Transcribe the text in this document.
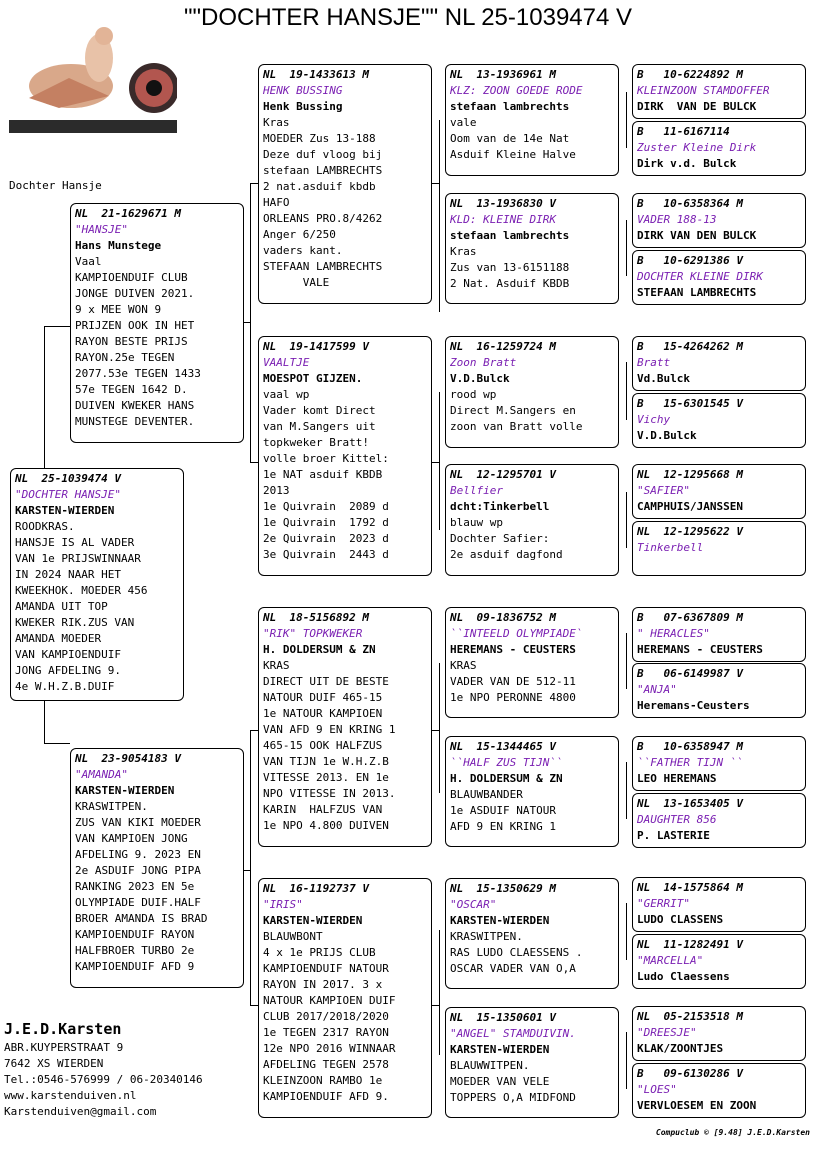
""DOCHTER HANSJE"" NL 25-1039474 V
Dochter Hansje
NL  25-1039474 V
"DOCHTER HANSJE"
KARSTEN-WIERDEN
ROODKRAS.
HANSJE IS AL VADER
VAN 1e PRIJSWINNAAR
IN 2024 NAAR HET
KWEEKHOK. MOEDER 456
AMANDA UIT TOP
KWEKER RIK.ZUS VAN
AMANDA MOEDER
VAN KAMPIOENDUIF
JONG AFDELING 9.
4e W.H.Z.B.DUIF
NL  21-1629671 M
"HANSJE"
Hans Munstege
Vaal
KAMPIOENDUIF CLUB
JONGE DUIVEN 2021.
9 x MEE WON 9
PRIJZEN OOK IN HET
RAYON BESTE PRIJS
RAYON.25e TEGEN
2077.53e TEGEN 1433
57e TEGEN 1642 D.
DUIVEN KWEKER HANS
MUNSTEGE DEVENTER.
NL  23-9054183 V
"AMANDA"
KARSTEN-WIERDEN
KRASWITPEN.
ZUS VAN KIKI MOEDER
VAN KAMPIOEN JONG
AFDELING 9. 2023 EN
2e ASDUIF JONG PIPA
RANKING 2023 EN 5e
OLYMPIADE DUIF.HALF
BROER AMANDA IS BRAD
KAMPIOENDUIF RAYON
HALFBROER TURBO 2e
KAMPIOENDUIF AFD 9
NL  19-1433613 M
HENK BUSSING
Henk Bussing
Kras
MOEDER Zus 13-188
Deze duf vloog bij
stefaan LAMBRECHTS
2 nat.asduif kbdb
HAFO
ORLEANS PRO.8/4262
Anger 6/250
vaders kant.
STEFAAN LAMBRECHTS
VALE
NL  19-1417599 V
VAALTJE
MOESPOT GIJZEN.
vaal wp
Vader komt Direct
van M.Sangers uit
topkweker Bratt!
volle broer Kittel:
1e NAT asduif KBDB
2013
1e Quivrain  2089 d
1e Quivrain  1792 d
2e Quivrain  2023 d
3e Quivrain  2443 d
NL  18-5156892 M
"RIK" TOPKWEKER
H. DOLDERSUM & ZN
KRAS
DIRECT UIT DE BESTE
NATOUR DUIF 465-15
1e NATOUR KAMPIOEN
VAN AFD 9 EN KRING 1
465-15 OOK HALFZUS
VAN TIJN 1e W.H.Z.B
VITESSE 2013. EN 1e
NPO VITESSE IN 2013.
KARIN  HALFZUS VAN
1e NPO 4.800 DUIVEN
NL  16-1192737 V
"IRIS"
KARSTEN-WIERDEN
BLAUWBONT
4 x 1e PRIJS CLUB
KAMPIOENDUIF NATOUR
RAYON IN 2017. 3 x
NATOUR KAMPIOEN DUIF
CLUB 2017/2018/2020
1e TEGEN 2317 RAYON
12e NPO 2016 WINNAAR
AFDELING TEGEN 2578
KLEINZOON RAMBO 1e
KAMPIOENDUIF AFD 9.
NL  13-1936961 M
KLZ: ZOON GOEDE RODE
stefaan lambrechts
vale
Oom van de 14e Nat
Asduif Kleine Halve
NL  13-1936830 V
KLD: KLEINE DIRK
stefaan lambrechts
Kras
Zus van 13-6151188
2 Nat. Asduif KBDB
NL  16-1259724 M
Zoon Bratt
V.D.Bulck
rood wp
Direct M.Sangers en
zoon van Bratt volle
NL  12-1295701 V
Bellfier
dcht:Tinkerbell
blauw wp
Dochter Safier:
2e asduif dagfond
NL  09-1836752 M
``INTEELD OLYMPIADE`
HEREMANS - CEUSTERS
KRAS
VADER VAN DE 512-11
1e NPO PERONNE 4800
NL  15-1344465 V
``HALF ZUS TIJN``
H. DOLDERSUM & ZN
BLAUWBANDER
1e ASDUIF NATOUR
AFD 9 EN KRING 1
NL  15-1350629 M
"OSCAR"
KARSTEN-WIERDEN
KRASWITPEN.
RAS LUDO CLAESSENS .
OSCAR VADER VAN O,A
NL  15-1350601 V
"ANGEL" STAMDUIVIN.
KARSTEN-WIERDEN
BLAUWWITPEN.
MOEDER VAN VELE
TOPPERS O,A MIDFOND
B   10-6224892 M
KLEINZOON STAMDOFFER
DIRK  VAN DE BULCK
B   11-6167114
Zuster Kleine Dirk
Dirk v.d. Bulck
B   10-6358364 M
VADER 188-13
DIRK VAN DEN BULCK
B   10-6291386 V
DOCHTER KLEINE DIRK
STEFAAN LAMBRECHTS
B   15-4264262 M
Bratt
Vd.Bulck
B   15-6301545 V
Vichy
V.D.Bulck
NL  12-1295668 M
"SAFIER"
CAMPHUIS/JANSSEN
NL  12-1295622 V
Tinkerbell
B   07-6367809 M
" HERACLES"
HEREMANS - CEUSTERS
B   06-6149987 V
"ANJA"
Heremans-Ceusters
B   10-6358947 M
``FATHER TIJN ``
LEO HEREMANS
NL  13-1653405 V
DAUGHTER 856
P. LASTERIE
NL  14-1575864 M
"GERRIT"
LUDO CLASSENS
NL  11-1282491 V
"MARCELLA"
Ludo Claessens
NL  05-2153518 M
"DREESJE"
KLAK/ZOONTJES
B   09-6130286 V
"LOES"
VERVLOESEM EN ZOON
J.E.D.Karsten
ABR.KUYPERSTRAAT 9
7642 XS WIERDEN
Tel.:0546-576999 / 06-20340146
www.karstenduiven.nl
Karstenduiven@gmail.com
Compuclub © [9.48] J.E.D.Karsten
